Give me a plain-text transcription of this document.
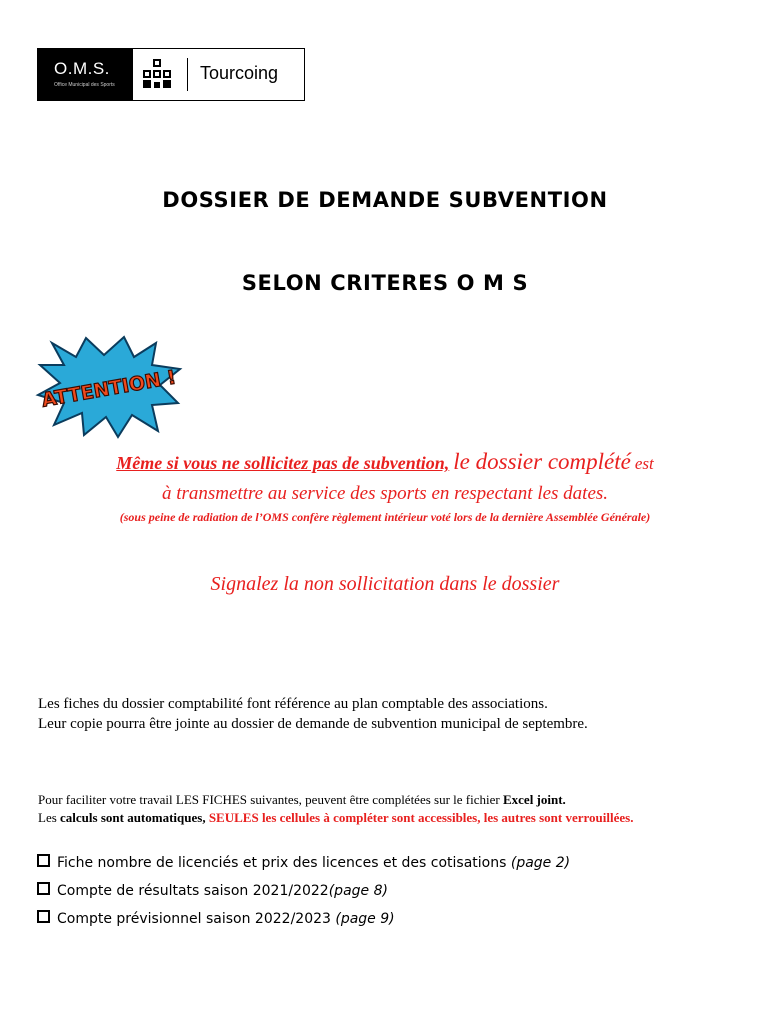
O.M.S.
Office Municipal des Sports
Tourcoing
DOSSIER DE DEMANDE SUBVENTION
SELON CRITERES O M S
ATTENTION !
Même si vous ne sollicitez pas de subvention, le dossier complété est
à transmettre au service des sports en respectant les dates.
(sous peine de radiation de l’OMS confère règlement intérieur voté lors de la dernière Assemblée Générale)
Signalez la non sollicitation dans le dossier
Les fiches du dossier comptabilité font référence au plan comptable des associations.
Leur copie pourra être jointe au dossier de demande de subvention municipal de septembre.
Pour faciliter votre travail LES FICHES suivantes, peuvent être complétées sur le fichier Excel joint.
Les calculs sont automatiques, SEULES les cellules à compléter sont accessibles, les autres sont verrouillées.
Fiche nombre de licenciés et prix des licences et des cotisations (page 2)
Compte de résultats saison 2021/2022(page 8)
Compte prévisionnel saison 2022/2023 (page 9)
